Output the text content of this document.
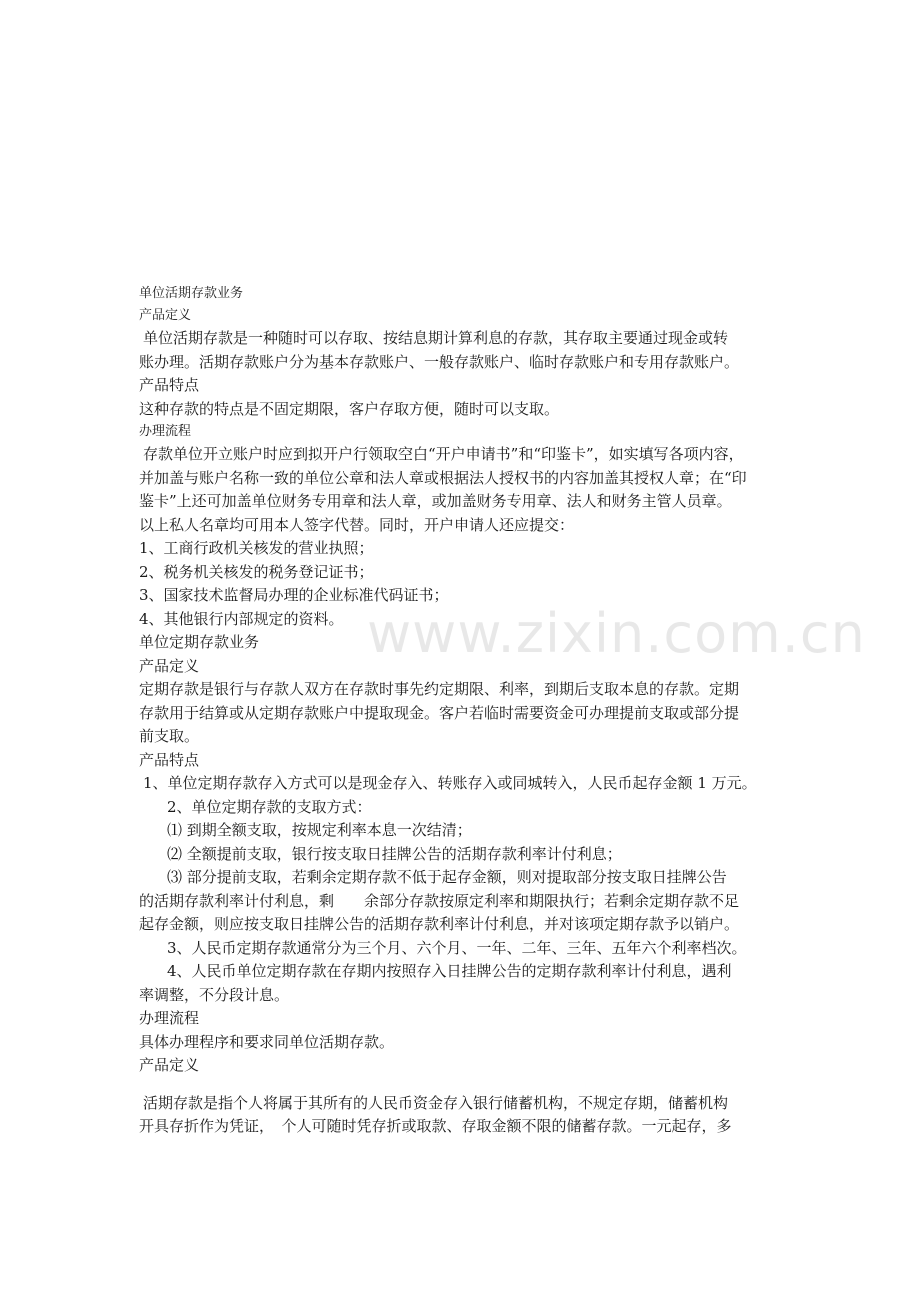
www.zixin.com.cn

单位活期存款业务

产品定义

单位活期存款是一种随时可以存取、按结息期计算利息的存款，其存取主要通过现金或转

账办理。活期存款账户分为基本存款账户、一般存款账户、临时存款账户和专用存款账户。

产品特点

这种存款的特点是不固定期限，客户存取方便，随时可以支取。

办理流程

存款单位开立账户时应到拟开户行领取空白“开户申请书”和“印鉴卡”，如实填写各项内容，

并加盖与账户名称一致的单位公章和法人章或根据法人授权书的内容加盖其授权人章；在“印

鉴卡”上还可加盖单位财务专用章和法人章，或加盖财务专用章、法人和财务主管人员章。

以上私人名章均可用本人签字代替。同时，开户申请人还应提交：

1、工商行政机关核发的营业执照；

2、税务机关核发的税务登记证书；

3、国家技术监督局办理的企业标准代码证书；

4、其他银行内部规定的资料。

单位定期存款业务

产品定义

定期存款是银行与存款人双方在存款时事先约定期限、利率，到期后支取本息的存款。定期

存款用于结算或从定期存款账户中提取现金。客户若临时需要资金可办理提前支取或部分提

前支取。

产品特点

1、单位定期存款存入方式可以是现金存入、转账存入或同城转入，人民币起存金额 1 万元。

2、单位定期存款的支取方式：

⑴ 到期全额支取，按规定利率本息一次结清；

⑵ 全额提前支取，银行按支取日挂牌公告的活期存款利率计付利息；

⑶ 部分提前支取，若剩余定期存款不低于起存金额，则对提取部分按支取日挂牌公告

的活期存款利率计付利息，剩　　余部分存款按原定利率和期限执行；若剩余定期存款不足

起存金额，则应按支取日挂牌公告的活期存款利率计付利息，并对该项定期存款予以销户。

3、人民币定期存款通常分为三个月、六个月、一年、二年、三年、五年六个利率档次。

4、人民币单位定期存款在存期内按照存入日挂牌公告的定期存款利率计付利息，遇利

率调整，不分段计息。

办理流程

具体办理程序和要求同单位活期存款。

产品定义

活期存款是指个人将属于其所有的人民币资金存入银行储蓄机构，不规定存期，储蓄机构

开具存折作为凭证，　个人可随时凭存折或取款、存取金额不限的储蓄存款。一元起存，多
